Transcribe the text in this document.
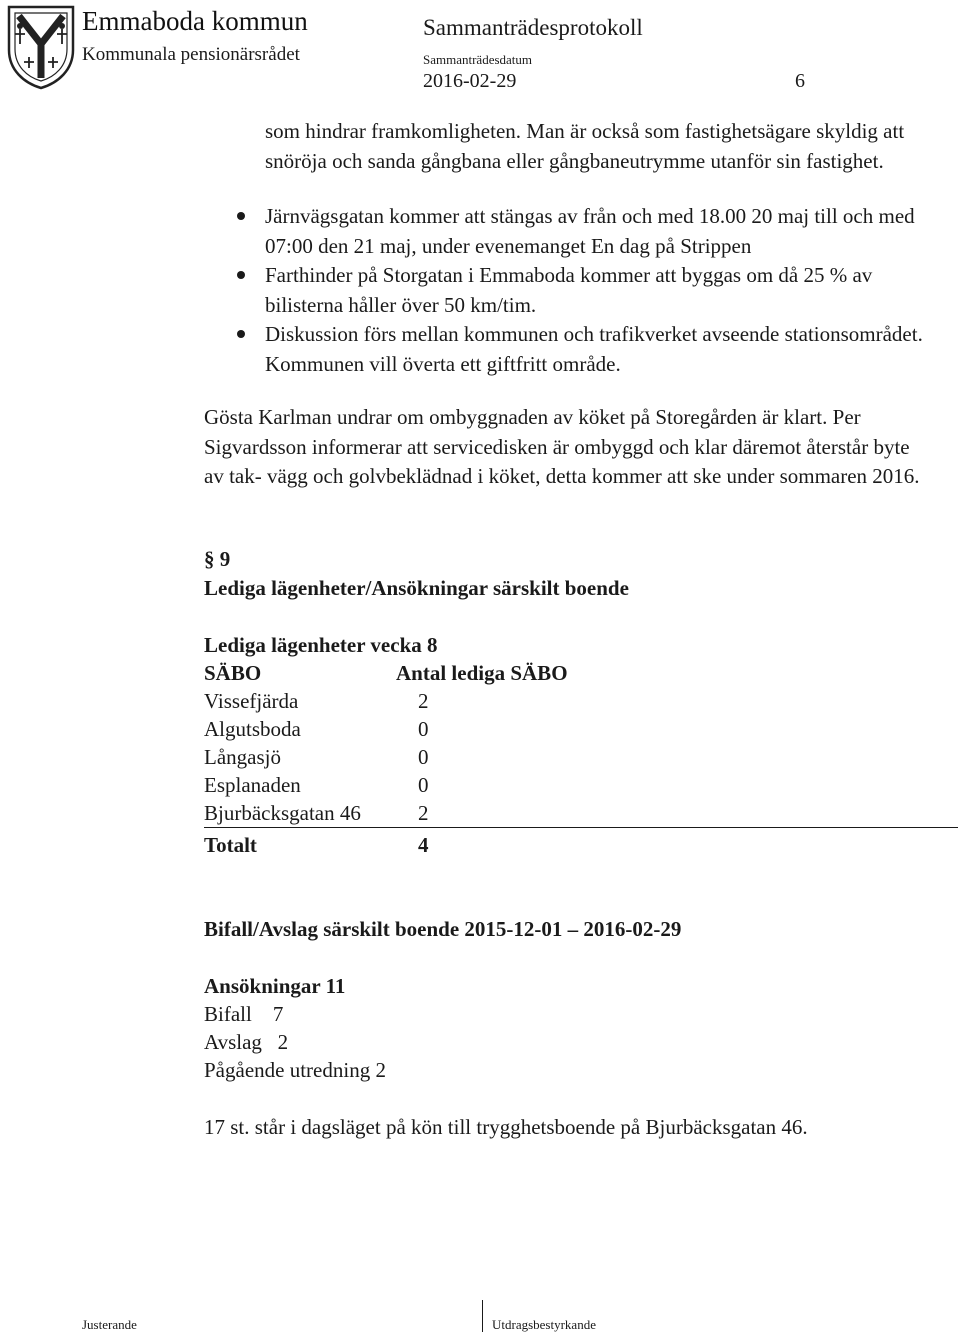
Emmaboda kommun
Kommunala pensionärsrådet
Sammanträdesprotokoll
Sammanträdesdatum
2016-02-29	6
som hindrar framkomligheten. Man är också som fastighetsägare skyldig att snöröja och sanda gångbana eller gångbaneutrymme utanför sin fastighet.
Järnvägsgatan kommer att stängas av från och med 18.00 20 maj till och med 07:00 den 21 maj, under evenemanget En dag på Strippen
Farthinder på Storgatan i Emmaboda kommer att byggas om då 25 % av bilisterna håller över 50 km/tim.
Diskussion förs mellan kommunen och trafikverket avseende stationsområdet. Kommunen vill överta ett giftfritt område.
Gösta Karlman undrar om ombyggnaden av köket på Storegården är klart. Per Sigvardsson informerar att servicedisken är ombyggd och klar däremot återstår byte av tak- vägg och golvbeklädnad i köket, detta kommer att ske under sommaren 2016.
§ 9
Lediga lägenheter/Ansökningar särskilt boende
Lediga lägenheter vecka 8
SÄBO	Antal lediga SÄBO
Vissefjärda	2
Algutsboda	0
Långasjö	0
Esplanaden	0
Bjurbäcksgatan 46	2
Totalt	4
Bifall/Avslag särskilt boende 2015-12-01 – 2016-02-29
Ansökningar 11
Bifall    7
Avslag   2
Pågående utredning 2
17 st. står i dagsläget på kön till trygghetsboende på Bjurbäcksgatan 46.
Justerande	Utdragsbestyrkande
